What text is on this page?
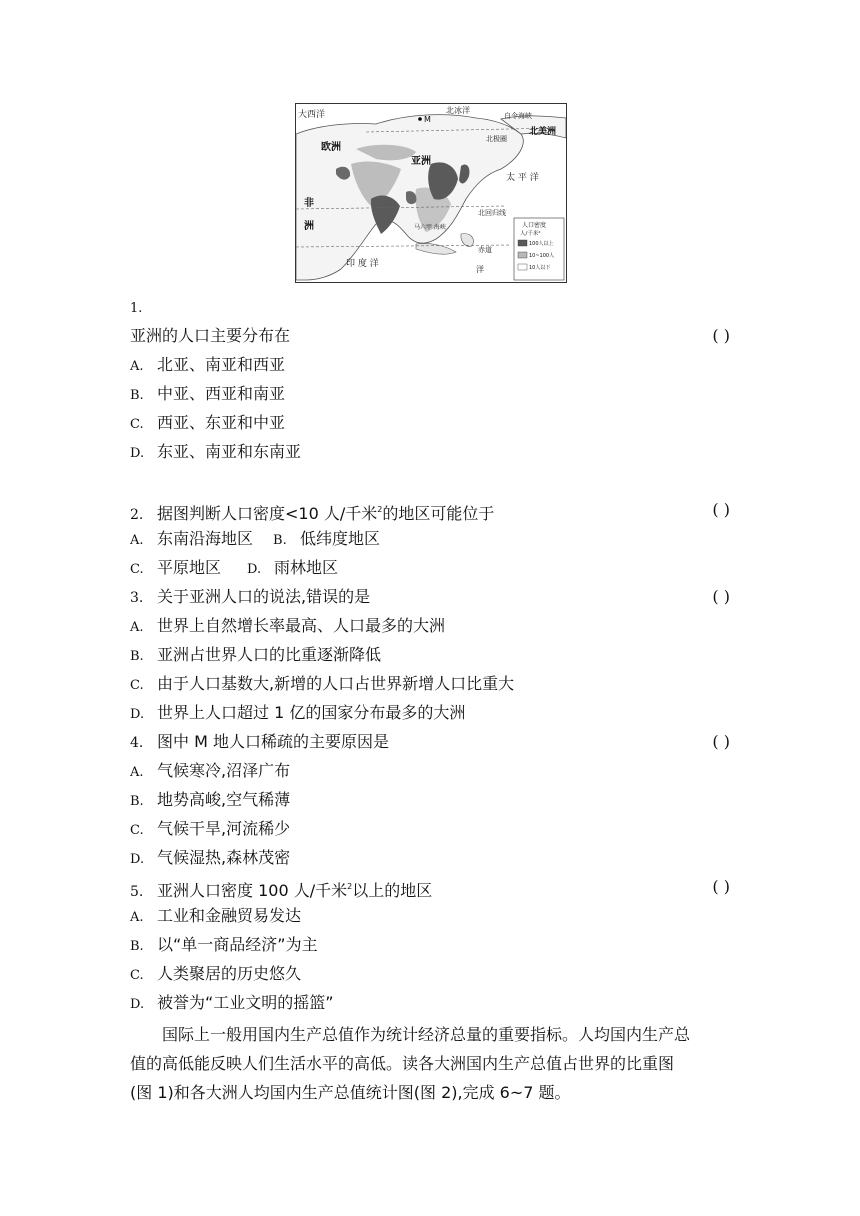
大西洋	北冰洋
白令海峡
北美洲
M
欧洲
亚洲
北极圈
太 平 洋
非
洲
北回归线
赤道
印 度 洋
马六甲 海峡
洋
人口密度
人/千米²
100人以上
10~100人
10人以下
1.
亚洲的人口主要分布在	( )
A. 北亚、南亚和西亚
B. 中亚、西亚和南亚
C. 西亚、东亚和中亚
D. 东亚、南亚和东南亚
2. 据图判断人口密度<10 人/千米$^2$的地区可能位于	( )
A. 东南沿海地区 B. 低纬度地区
C. 平原地区 D. 雨林地区
3. 关于亚洲人口的说法,错误的是	( )
A. 世界上自然增长率最高、人口最多的大洲
B. 亚洲占世界人口的比重逐渐降低
C. 由于人口基数大,新增的人口占世界新增人口比重大
D. 世界上人口超过 1 亿的国家分布最多的大洲
4. 图中 M 地人口稀疏的主要原因是	( )
A. 气候寒冷,沼泽广布
B. 地势高峻,空气稀薄
C. 气候干旱,河流稀少
D. 气候湿热,森林茂密
5. 亚洲人口密度 100 人/千米$^2$以上的地区	( )
A. 工业和金融贸易发达
B. 以“单一商品经济”为主
C. 人类聚居的历史悠久
D. 被誉为“工业文明的摇篮”

国际上一般用国内生产总值作为统计经济总量的重要指标。人均国内生产总

值的高低能反映人们生活水平的高低。读各大洲国内生产总值占世界的比重图

(图 1)和各大洲人均国内生产总值统计图(图 2),完成 6~7 题。
